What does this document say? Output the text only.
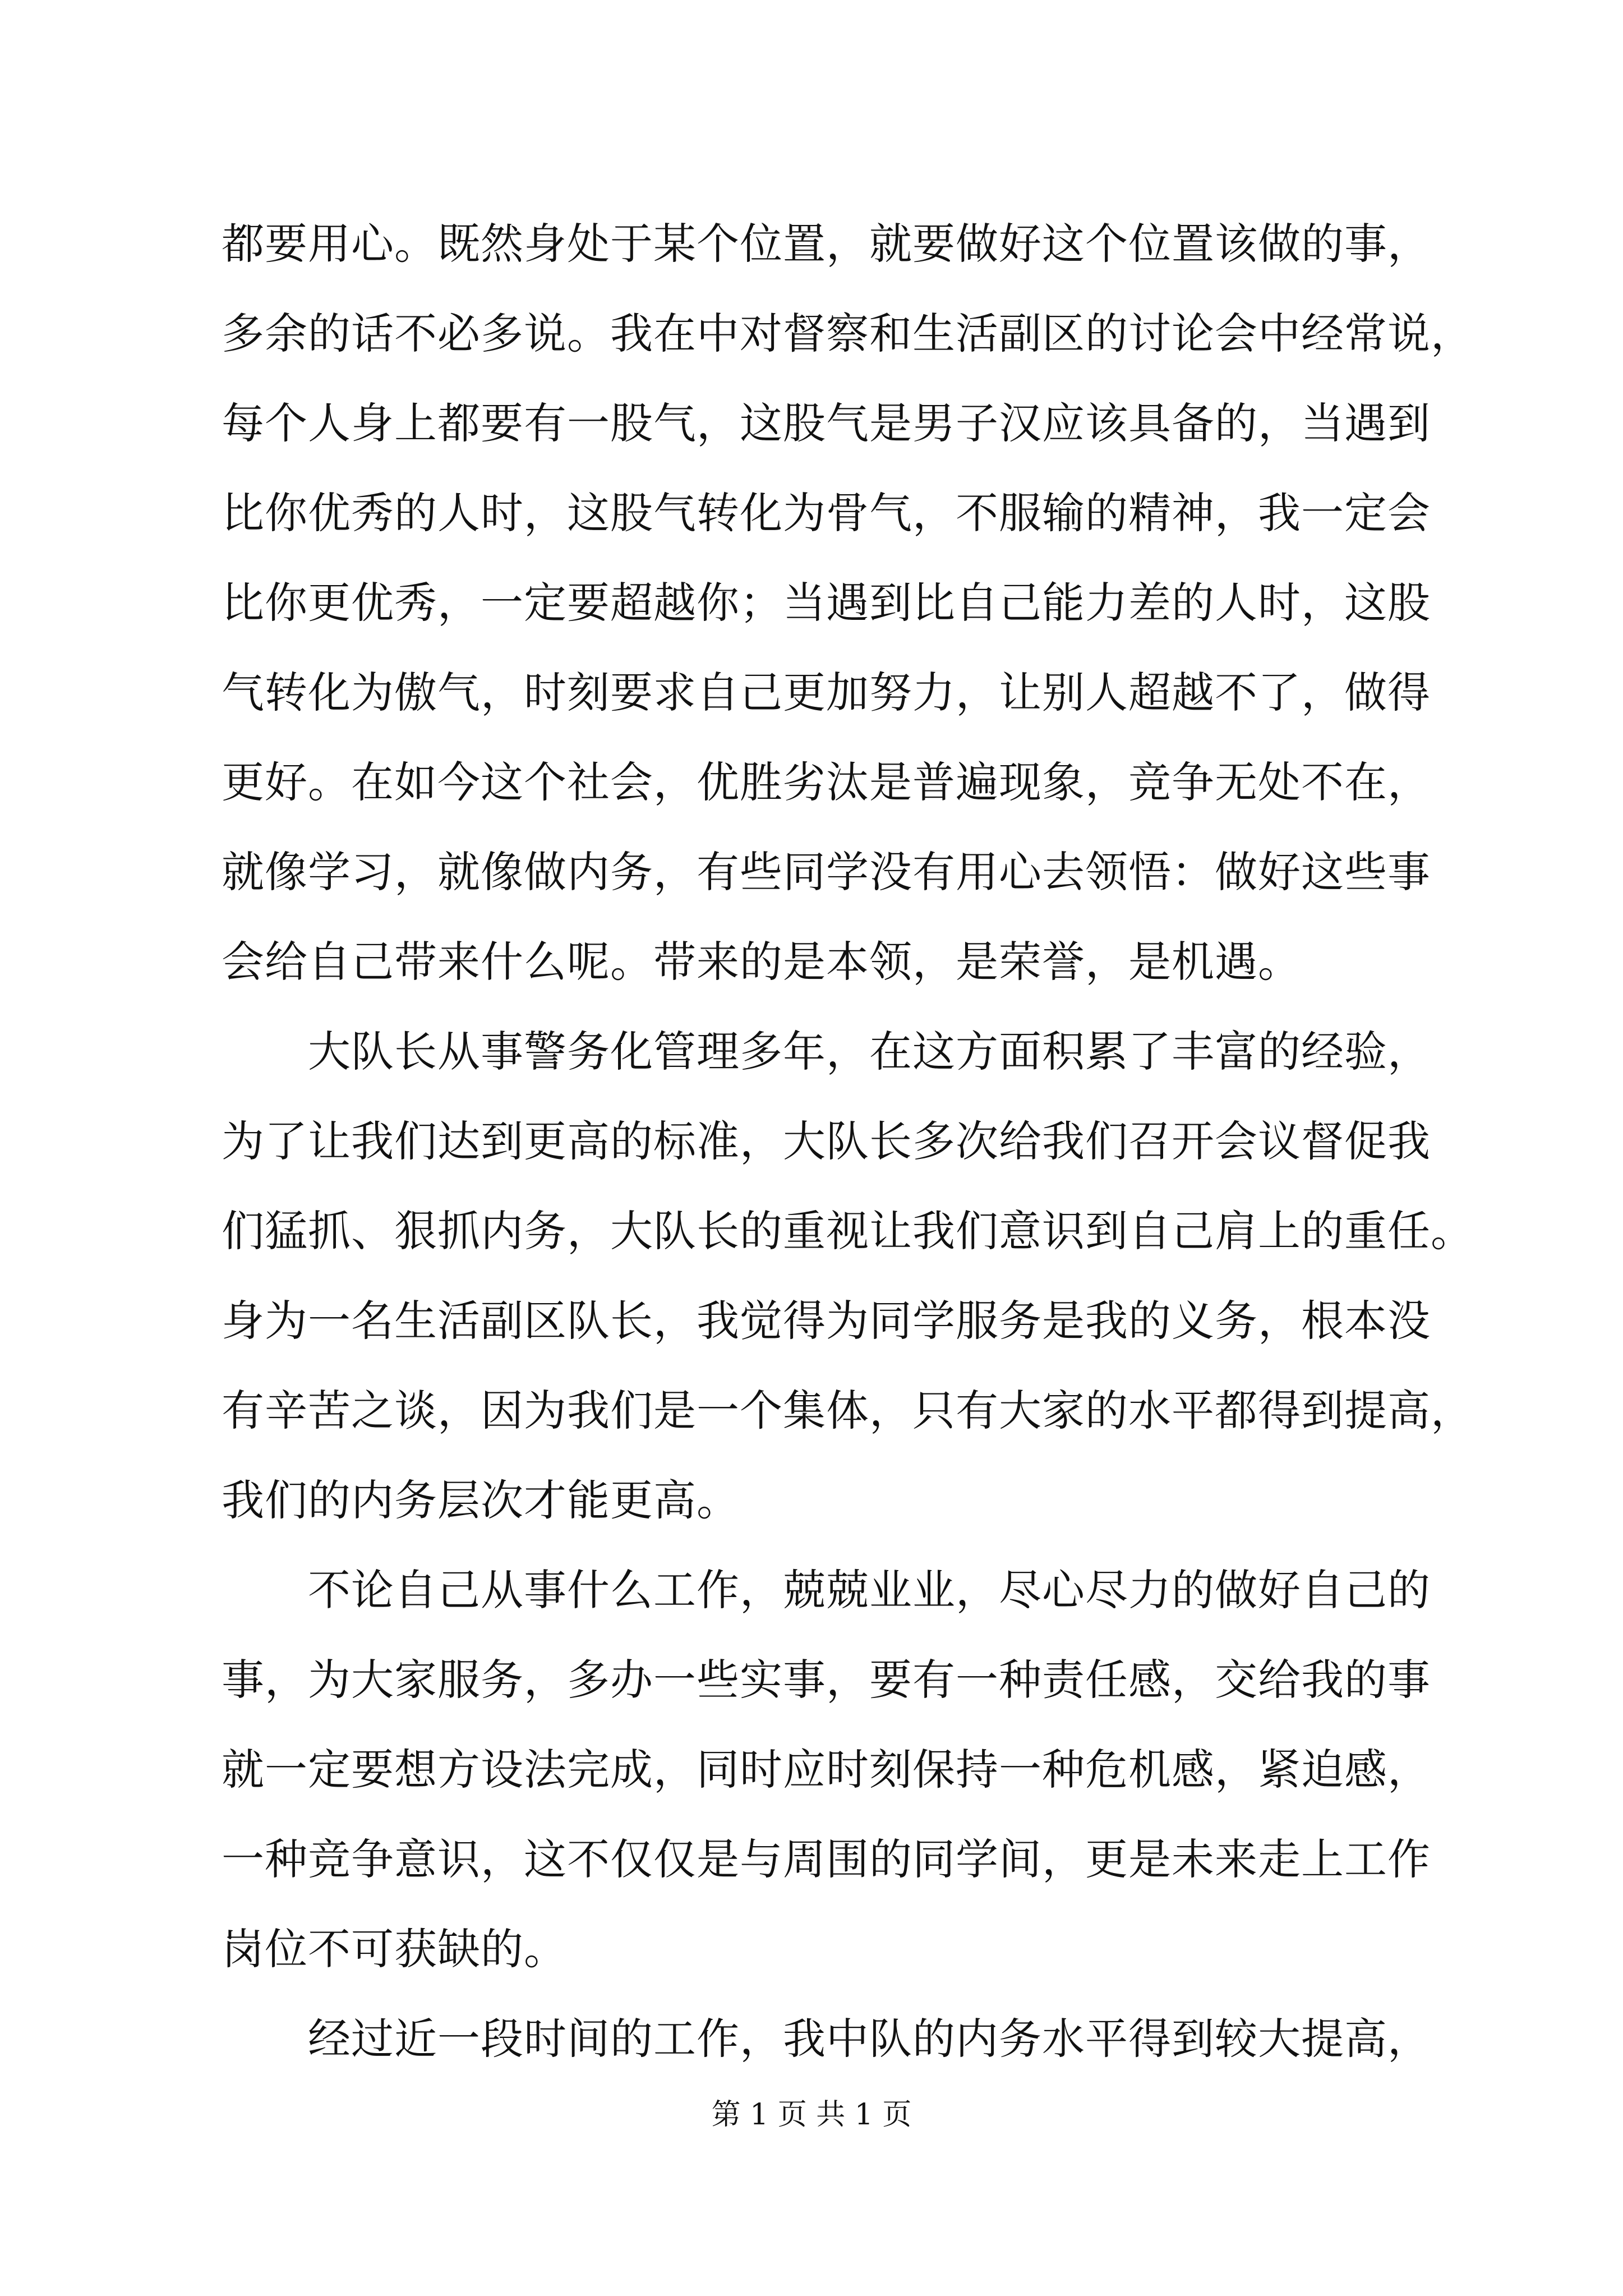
都要用心。既然身处于某个位置，就要做好这个位置该做的事，
多余的话不必多说。我在中对督察和生活副区的讨论会中经常说，
每个人身上都要有一股气，这股气是男子汉应该具备的，当遇到
比你优秀的人时，这股气转化为骨气，不服输的精神，我一定会
比你更优秀，一定要超越你；当遇到比自己能力差的人时，这股
气转化为傲气，时刻要求自己更加努力，让别人超越不了，做得
更好。在如今这个社会，优胜劣汰是普遍现象，竞争无处不在，
就像学习，就像做内务，有些同学没有用心去领悟：做好这些事
会给自己带来什么呢。带来的是本领，是荣誉，是机遇。
　　大队长从事警务化管理多年，在这方面积累了丰富的经验，
为了让我们达到更高的标准，大队长多次给我们召开会议督促我
们猛抓、狠抓内务，大队长的重视让我们意识到自己肩上的重任。
身为一名生活副区队长，我觉得为同学服务是我的义务，根本没
有辛苦之谈，因为我们是一个集体，只有大家的水平都得到提高，
我们的内务层次才能更高。
　　不论自己从事什么工作，兢兢业业，尽心尽力的做好自己的
事，为大家服务，多办一些实事，要有一种责任感，交给我的事
就一定要想方设法完成，同时应时刻保持一种危机感，紧迫感，
一种竞争意识，这不仅仅是与周围的同学间，更是未来走上工作
岗位不可获缺的。
　　经过近一段时间的工作，我中队的内务水平得到较大提高，
第 1 页 共 1 页
